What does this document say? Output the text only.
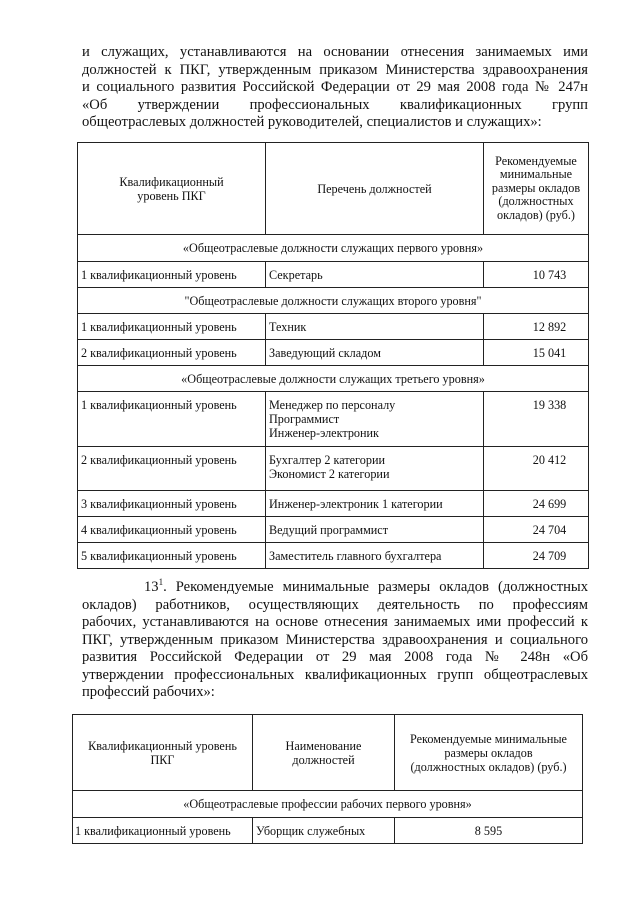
и служащих, устанавливаются на основании отнесения занимаемых ими
должностей к ПКГ, утвержденным приказом Министерства здравоохранения
и социального развития Российской Федерации от 29 мая 2008 года № 247н
«Об утверждении профессиональных квалификационных групп
общеотраслевых должностей руководителей, специалистов и служащих»:
Квалификационный уровень ПКГ	Перечень должностей	Рекомендуемые минимальные размеры окладов (должностных окладов) (руб.)
«Общеотраслевые должности служащих первого уровня»		
1 квалификационный уровень	Секретарь	10 743
"Общеотраслевые должности служащих второго уровня"		
1 квалификационный уровень	Техник	12 892
2 квалификационный уровень	Заведующий складом	15 041
«Общеотраслевые должности служащих третьего уровня»		
1 квалификационный уровень	Менеджер по персоналу
Программист
Инженер-электроник	19 338
2 квалификационный уровень	Бухгалтер 2 категории
Экономист 2 категории	20 412
3 квалификационный уровень	Инженер-электроник 1 категории	24 699
4 квалификационный уровень	Ведущий программист	24 704
5 квалификационный уровень	Заместитель главного бухгалтера	24 709
$13^1$. Рекомендуемые минимальные размеры окладов (должностных
окладов) работников, осуществляющих деятельность по профессиям
рабочих, устанавливаются на основе отнесения занимаемых ими профессий к
ПКГ, утвержденным приказом Министерства здравоохранения и социального
развития Российской Федерации от 29 мая 2008 года № 248н «Об
утверждении профессиональных квалификационных групп общеотраслевых
профессий рабочих»:
Квалификационный уровень ПКГ	Наименование должностей	Рекомендуемые минимальные размеры окладов (должностных окладов) (руб.)
«Общеотраслевые профессии рабочих первого уровня»		
1 квалификационный уровень	Уборщик служебных	8 595
